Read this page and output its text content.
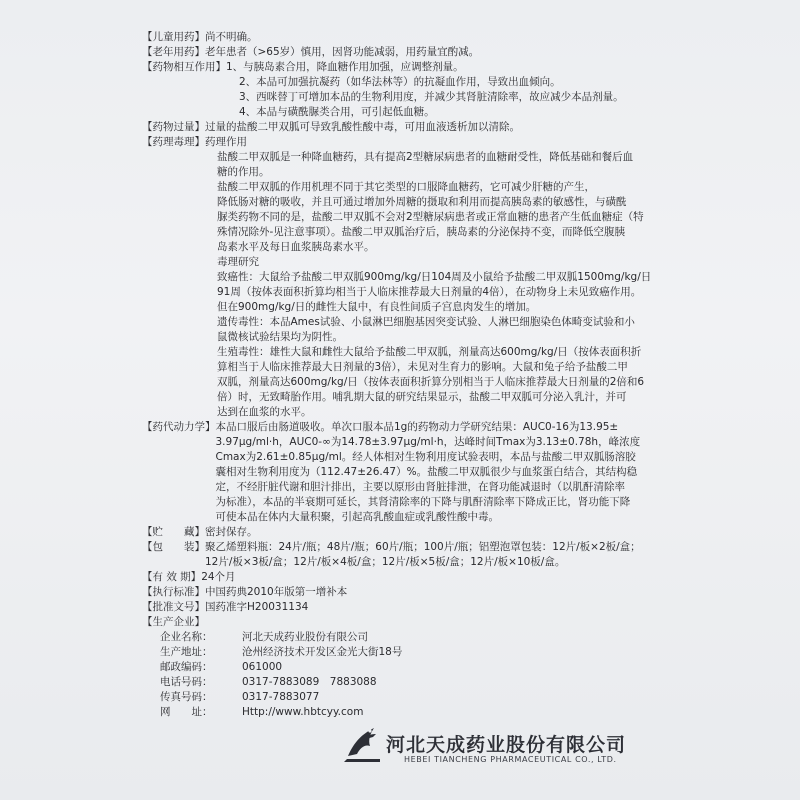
【儿童用药】 尚不明确。

【老年用药】 老年患者（>65岁）慎用，因肾功能减弱，用药量宜酌减。

【药物相互作用】 1、与胰岛素合用，降血糖作用加强，应调整剂量。

2、本品可加强抗凝药（如华法林等）的抗凝血作用，导致出血倾向。

3、西咪替丁可增加本品的生物利用度，并减少其肾脏清除率，故应减少本品剂量。

4、本品与磺酰脲类合用，可引起低血糖。

【药物过量】 过量的盐酸二甲双胍可导致乳酸性酸中毒，可用血液透析加以清除。

【药理毒理】 药理作用

盐酸二甲双胍是一种降血糖药，具有提高2型糖尿病患者的血糖耐受性，降低基础和餐后血

糖的作用。

盐酸二甲双胍的作用机理不同于其它类型的口服降血糖药，它可减少肝糖的产生，

降低肠对糖的吸收，并且可通过增加外周糖的摄取和利用而提高胰岛素的敏感性，与磺酰

脲类药物不同的是，盐酸二甲双胍不会对2型糖尿病患者或正常血糖的患者产生低血糖症（特

殊情况除外-见注意事项）。盐酸二甲双胍治疗后，胰岛素的分泌保持不变，而降低空腹胰

岛素水平及每日血浆胰岛素水平。

毒理研究

致癌性：大鼠给予盐酸二甲双胍900mg/kg/日104周及小鼠给予盐酸二甲双胍1500mg/kg/日

91周（按体表面积折算均相当于人临床推荐最大日剂量的4倍），在动物身上未见致癌作用。

但在900mg/kg/日的雌性大鼠中，有良性间质子宫息肉发生的增加。

遗传毒性：本品Ames试验、小鼠淋巴细胞基因突变试验、人淋巴细胞染色体畸变试验和小

鼠微核试验结果均为阴性。

生殖毒性：雄性大鼠和雌性大鼠给予盐酸二甲双胍，剂量高达600mg/kg/日（按体表面积折

算相当于人临床推荐最大日剂量的3倍），未见对生育力的影响。大鼠和兔子给予盐酸二甲

双胍，剂量高达600mg/kg/日（按体表面积折算分别相当于人临床推荐最大日剂量的2倍和6

倍）时，无致畸胎作用。哺乳期大鼠的研究结果显示，盐酸二甲双胍可分泌入乳汁，并可

达到在血浆的水平。

【药代动力学】 本品口服后由肠道吸收。单次口服本品1g的药物动力学研究结果：AUC0-16为13.95±

3.97μg/ml·h，AUC0-∞为14.78±3.97μg/ml·h，达峰时间Tmax为3.13±0.78h，峰浓度

Cmax为2.61±0.85μg/ml。经人体相对生物利用度试验表明，本品与盐酸二甲双胍肠溶胶

囊相对生物利用度为（112.47±26.47）%。盐酸二甲双胍很少与血浆蛋白结合，其结构稳

定，不经肝脏代谢和胆汁排出，主要以原形由肾脏排泄，在肾功能减退时（以肌酐清除率

为标准），本品的半衰期可延长，其肾清除率的下降与肌酐清除率下降成正比，肾功能下降

可使本品在体内大量积聚，引起高乳酸血症或乳酸性酸中毒。

【贮　　藏】 密封保存。

【包　　装】 聚乙烯塑料瓶：24片/瓶；48片/瓶；60片/瓶；100片/瓶；铝塑泡罩包装：12片/板×2板/盒；

12片/板×3板/盒；12片/板×4板/盒；12片/板×5板/盒；12片/板×10板/盒。

【有 效 期】 24个月

【执行标准】 中国药典2010年版第一增补本

【批准文号】 国药准字H20031134

【生产企业】
企业名称：	河北天成药业股份有限公司
生产地址：	沧州经济技术开发区金光大街18号
邮政编码：	061000
电话号码：	0317-7883089　7883088
传真号码：	0317-7883077
网　　址：	Http://www.hbtcyy.com
河北天成药业股份有限公司
HEBEI TIANCHENG PHARMACEUTICAL CO., LTD.
